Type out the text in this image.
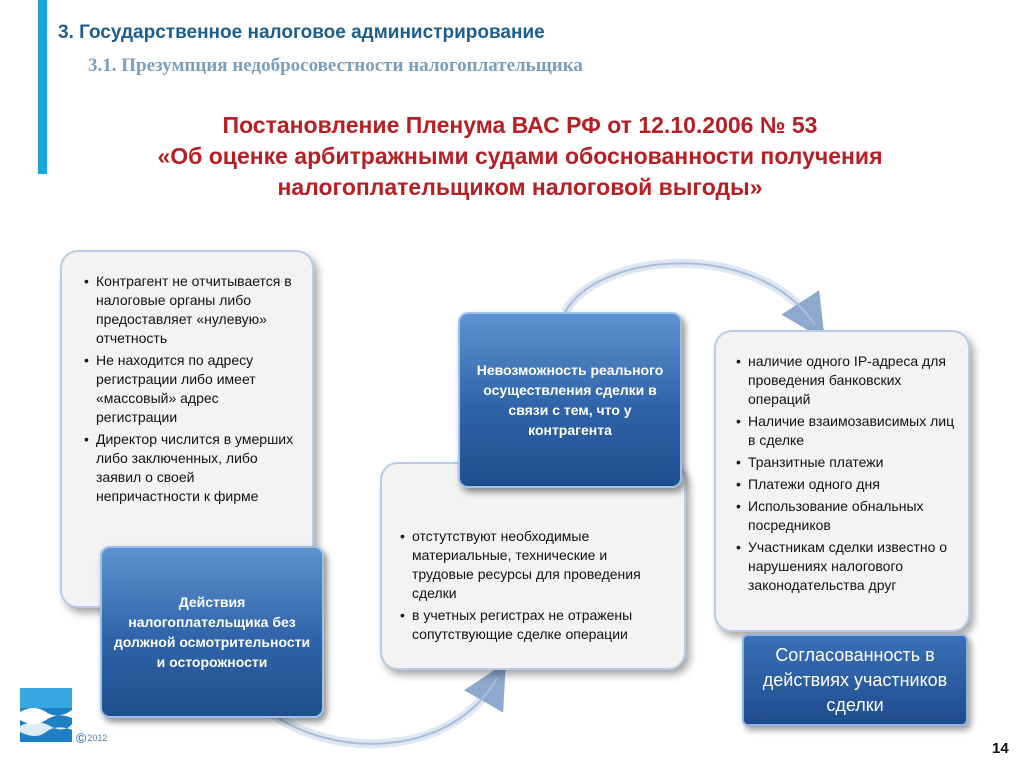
3. Государственное налоговое администрирование
3.1. Презумпция недобросовестности налогоплательщика
Постановление Пленума ВАС РФ от 12.10.2006 № 53
«Об оценке арбитражными судами обоснованности получения
налогоплательщиком налоговой выгоды»
• Контрагент не отчитывается в налоговые органы либо предоставляет «нулевую» отчетность
• Не находится по адресу регистрации либо имеет «массовый» адрес регистрации
• Директор числится в умерших либо заключенных, либо заявил о своей непричастности к фирме
Действия налогоплательщика без должной осмотрительности и осторожности
• отстутствуют необходимые материальные, технические и трудовые ресурсы для проведения сделки
• в учетных регистрах не отражены сопутствующие сделке операции
Невозможность реального осуществления сделки в связи с тем, что у контрагента
• наличие одного IP-адреса для проведения банковских операций
• Наличие взаимозависимых лиц в сделке
• Транзитные платежи
• Платежи одного дня
• Использование обнальных посредников
• Участникам сделки известно о нарушениях налогового законодательства друг
Согласованность в действиях участников сделки
© 2012
14
